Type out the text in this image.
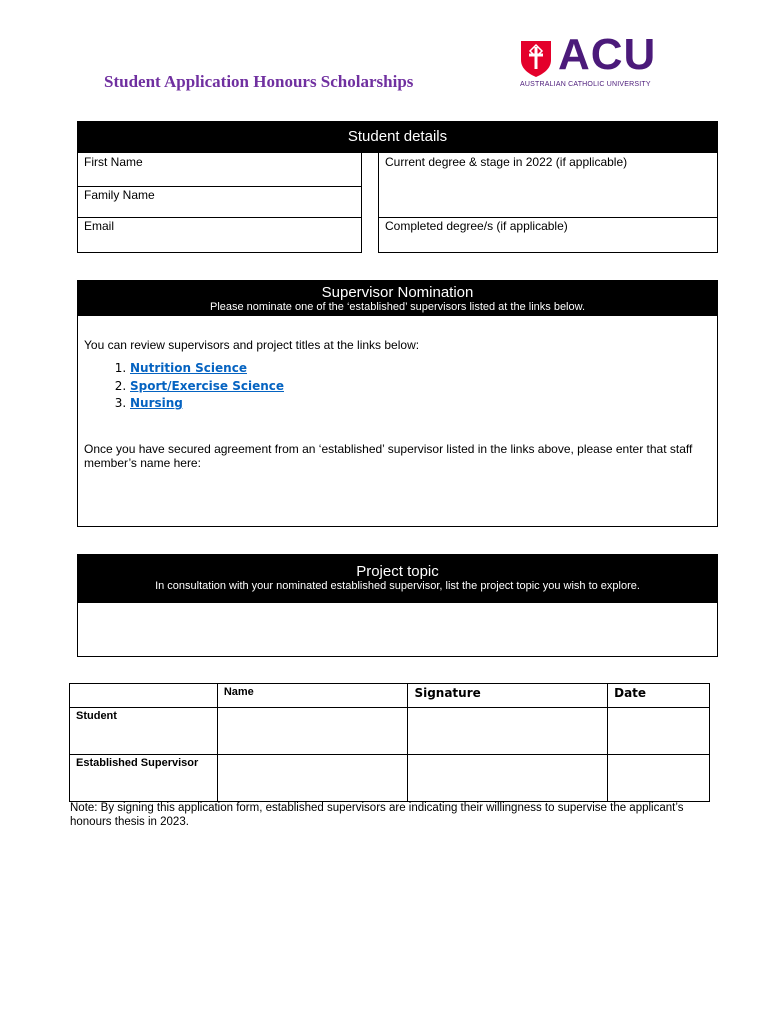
Student Application Honours Scholarships
ACU
AUSTRALIAN CATHOLIC UNIVERSITY
Student details
First Name
Family Name
Email
Current degree & stage in 2022 (if applicable)
Completed degree/s (if applicable)
Supervisor Nomination
Please nominate one of the ‘established’ supervisors listed at the links below.
You can review supervisors and project titles at the links below:
1. Nutrition Science
2. Sport/Exercise Science
3. Nursing
Once you have secured agreement from an ‘established’ supervisor listed in the links above, please enter that staff member’s name here:
Project topic
In consultation with your nominated established supervisor, list the project topic you wish to explore.
	Name	Signature	Date
Student			
Established Supervisor			
Note: By signing this application form, established supervisors are indicating their willingness to supervise the applicant’s honours thesis in 2023.
